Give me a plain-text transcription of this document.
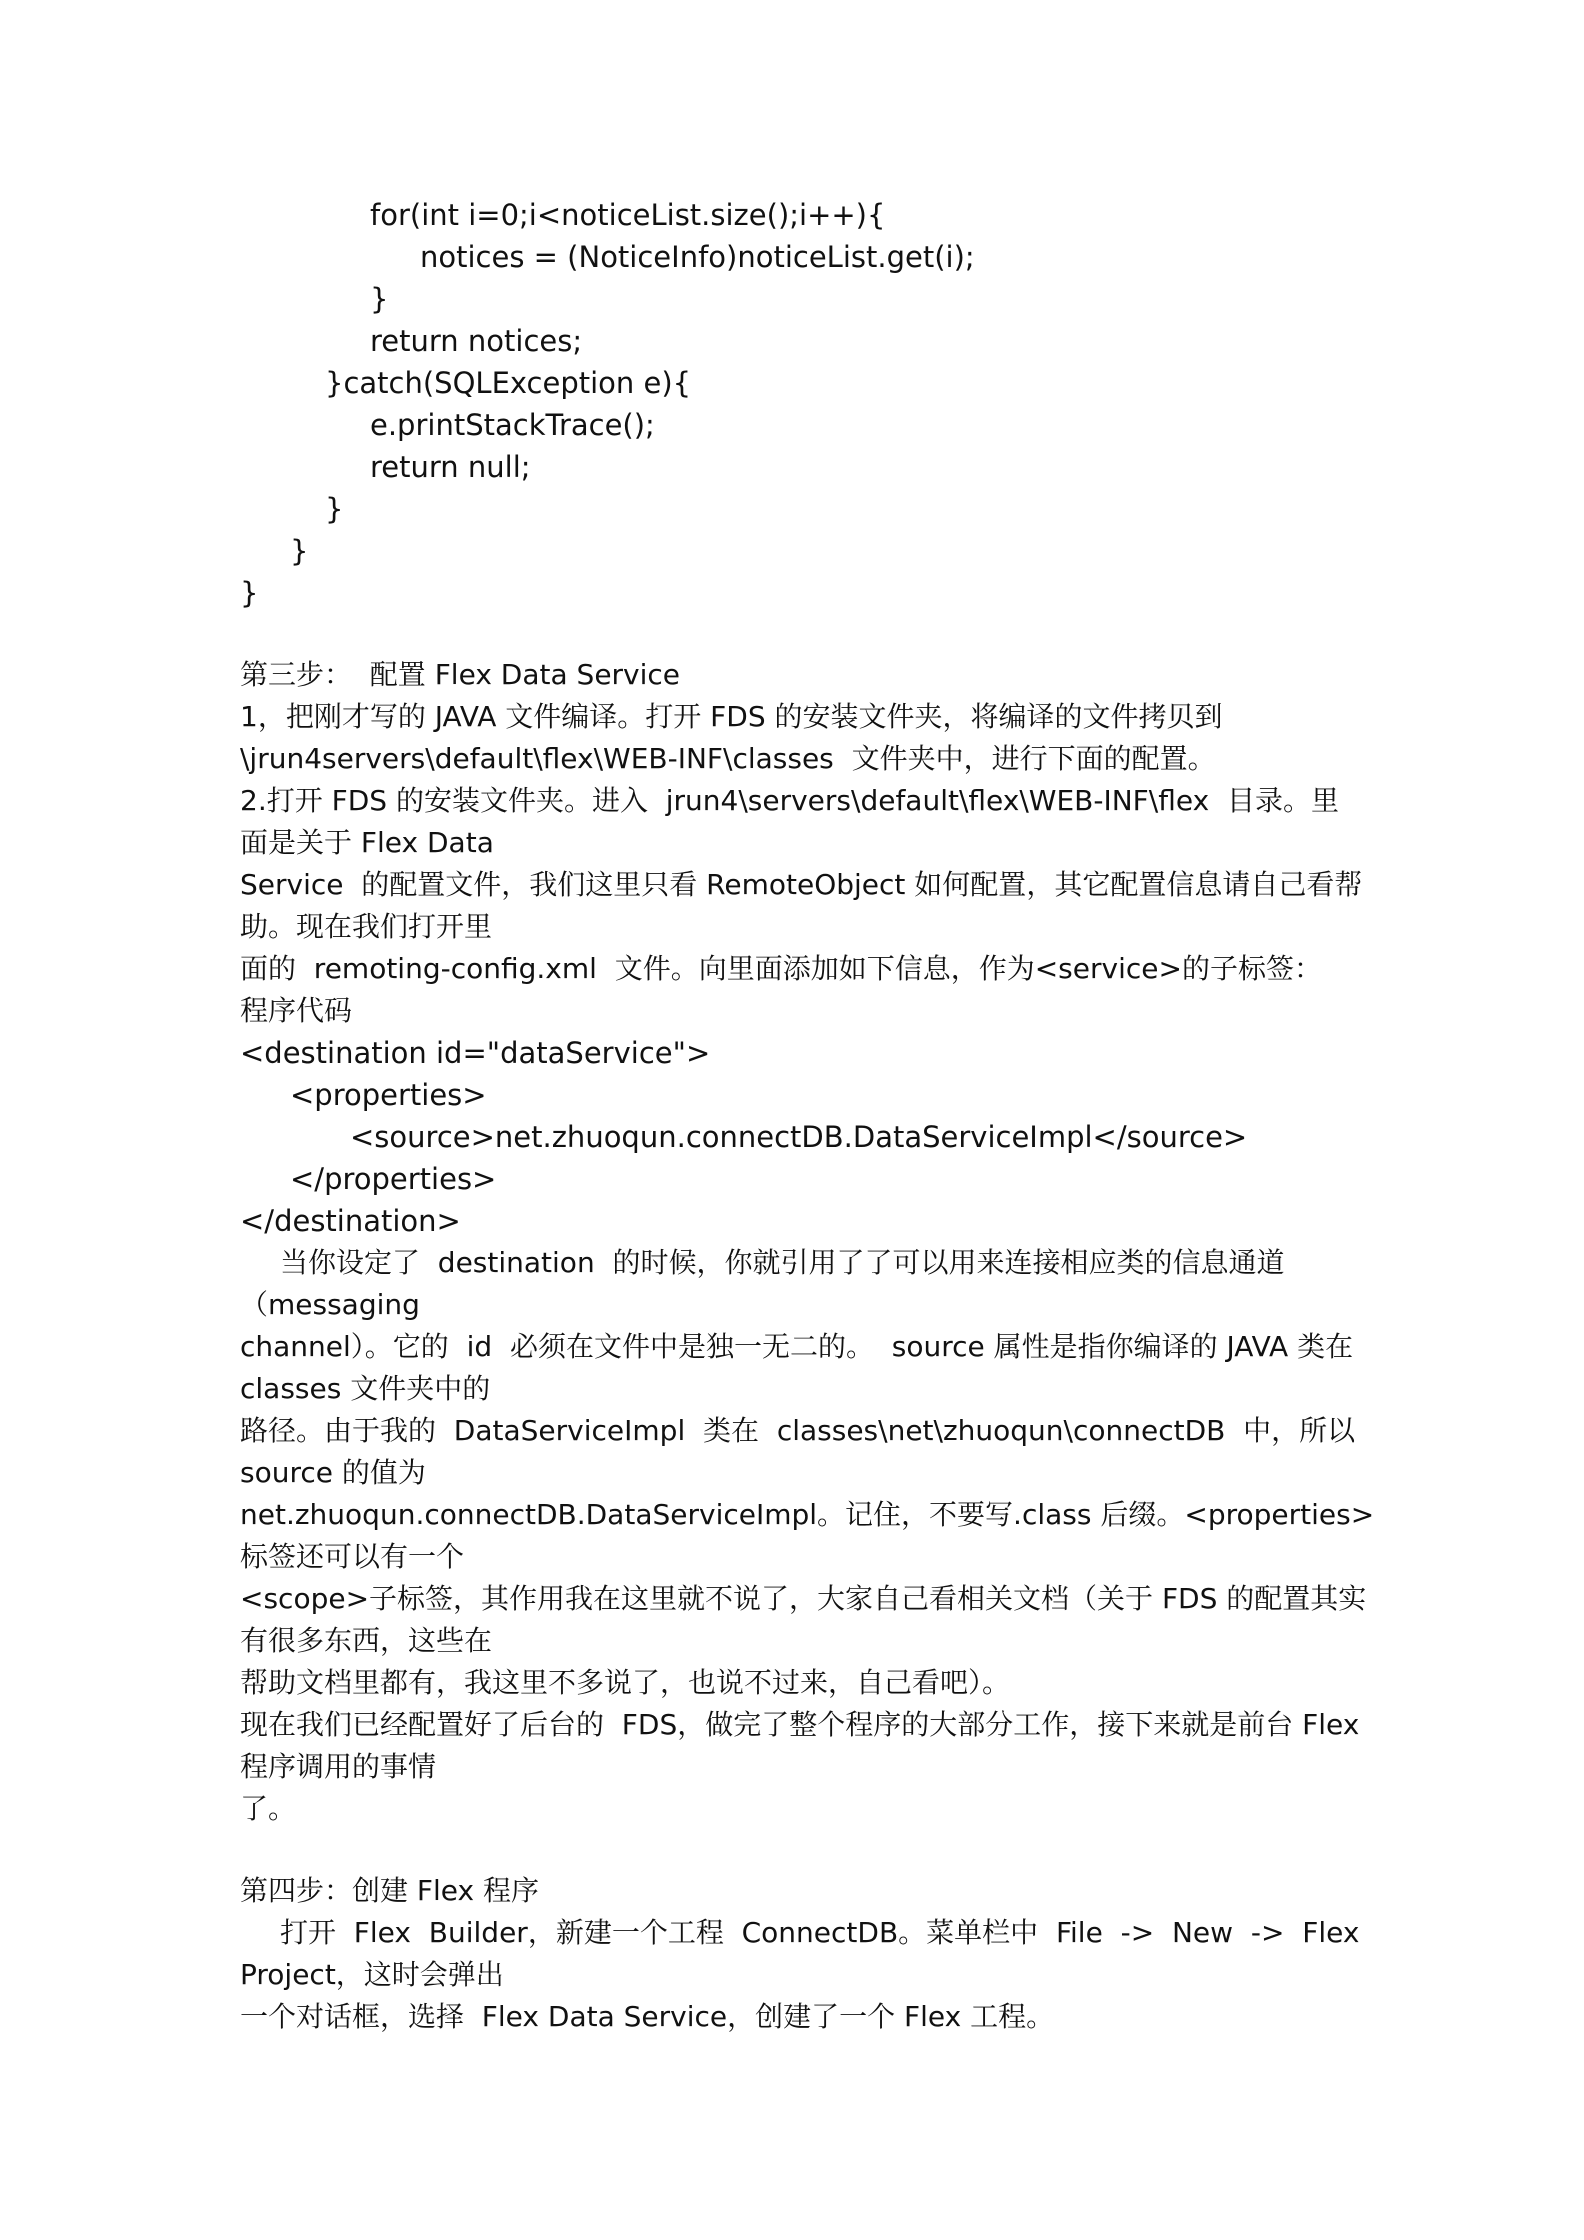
for(int i=0;i<noticeList.size();i++){
notices = (NoticeInfo)noticeList.get(i);
}
return notices;
}catch(SQLException e){
e.printStackTrace();
return null;
}
}
}
第三步：  配置 Flex Data Service
1，把刚才写的 JAVA 文件编译。打开 FDS 的安装文件夹，将编译的文件拷贝到
\jrun4servers\default\flex\WEB-INF\classes  文件夹中，进行下面的配置。
2.打开 FDS 的安装文件夹。进入  jrun4\servers\default\flex\WEB-INF\flex  目录。里
面是关于 Flex Data
Service  的配置文件，我们这里只看 RemoteObject 如何配置，其它配置信息请自己看帮
助。现在我们打开里
面的  remoting-config.xml  文件。向里面添加如下信息，作为<service>的子标签：
程序代码
<destination id="dataService">
<properties>
<source>net.zhuoqun.connectDB.DataServiceImpl</source>
</properties>
</destination>
当你设定了  destination  的时候，你就引用了了可以用来连接相应类的信息通道
（messaging
channel）。它的  id  必须在文件中是独一无二的。  source 属性是指你编译的 JAVA 类在
classes 文件夹中的
路径。由于我的  DataServiceImpl  类在  classes\net\zhuoqun\connectDB  中，所以
source 的值为
net.zhuoqun.connectDB.DataServiceImpl。记住，不要写.class 后缀。<properties>
标签还可以有一个
<scope>子标签，其作用我在这里就不说了，大家自己看相关文档（关于 FDS 的配置其实
有很多东西，这些在
帮助文档里都有，我这里不多说了，也说不过来，自己看吧）。
现在我们已经配置好了后台的  FDS，做完了整个程序的大部分工作，接下来就是前台 Flex
程序调用的事情
了。
第四步：创建 Flex 程序
打开  Flex  Builder，新建一个工程  ConnectDB。菜单栏中  File  ->  New  ->  Flex
Project，这时会弹出
一个对话框，选择  Flex Data Service，创建了一个 Flex 工程。
